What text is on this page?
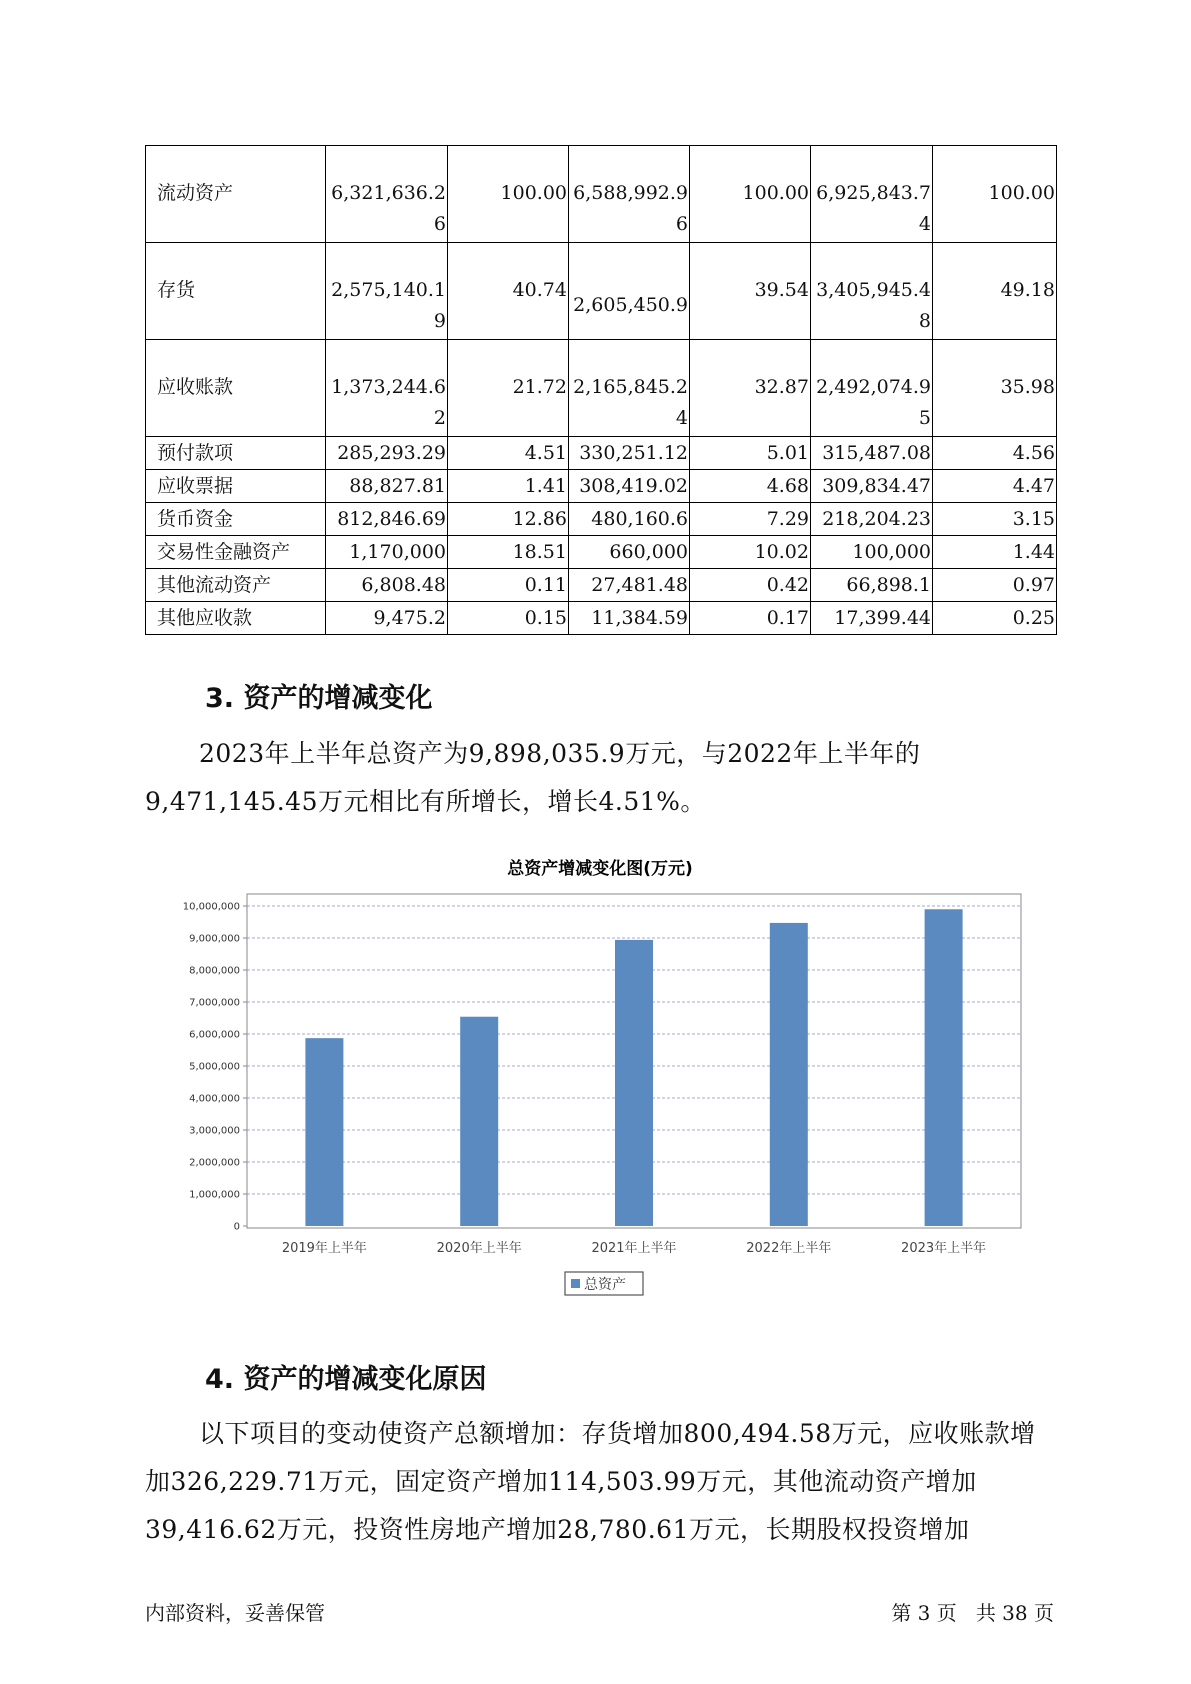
流动资产	6,321,636.26	100.00	6,588,992.96	100.00	6,925,843.74	100.00
存货	2,575,140.19	40.74	2,605,450.9	39.54	3,405,945.48	49.18
应收账款	1,373,244.62	21.72	2,165,845.24	32.87	2,492,074.95	35.98
预付款项	285,293.29	4.51	330,251.12	5.01	315,487.08	4.56
应收票据	88,827.81	1.41	308,419.02	4.68	309,834.47	4.47
货币资金	812,846.69	12.86	480,160.6	7.29	218,204.23	3.15
交易性金融资产	1,170,000	18.51	660,000	10.02	100,000	1.44
其他流动资产	6,808.48	0.11	27,481.48	0.42	66,898.1	0.97
其他应收款	9,475.2	0.15	11,384.59	0.17	17,399.44	0.25
3. 资产的增减变化

2023年上半年总资产为9,898,035.9万元，与2022年上半年的9,471,145.45万元相比有所增长，增长4.51%。

总资产增减变化图(万元)
0
1,000,000
2,000,000
3,000,000
4,000,000
5,000,000
6,000,000
7,000,000
8,000,000
9,000,000
10,000,000
2019年上半年	2020年上半年	2021年上半年	2022年上半年	2023年上半年
总资产
4. 资产的增减变化原因

以下项目的变动使资产总额增加：存货增加800,494.58万元，应收账款增加326,229.71万元，固定资产增加114,503.99万元，其他流动资产增加39,416.62万元，投资性房地产增加28,780.61万元，长期股权投资增加

内部资料，妥善保管	第 3 页   共 38 页
